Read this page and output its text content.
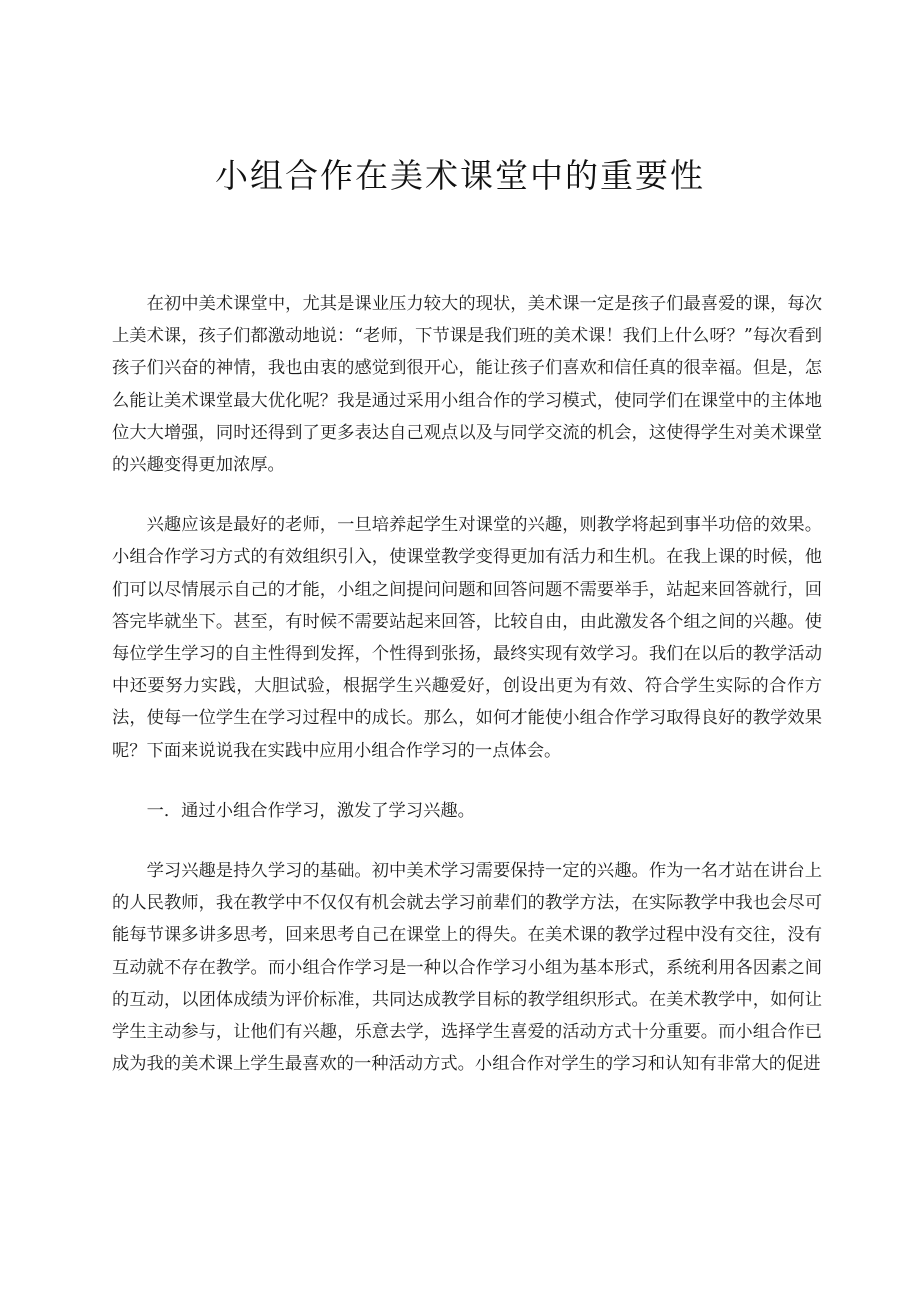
小组合作在美术课堂中的重要性

在初中美术课堂中，尤其是课业压力较大的现状，美术课一定是孩子们最喜爱的课，每次上美术课，孩子们都激动地说：“老师，下节课是我们班的美术课！我们上什么呀？”每次看到孩子们兴奋的神情，我也由衷的感觉到很开心，能让孩子们喜欢和信任真的很幸福。但是，怎么能让美术课堂最大优化呢？我是通过采用小组合作的学习模式，使同学们在课堂中的主体地位大大增强，同时还得到了更多表达自己观点以及与同学交流的机会，这使得学生对美术课堂的兴趣变得更加浓厚。

兴趣应该是最好的老师，一旦培养起学生对课堂的兴趣，则教学将起到事半功倍的效果。小组合作学习方式的有效组织引入，使课堂教学变得更加有活力和生机。在我上课的时候，他们可以尽情展示自己的才能，小组之间提问问题和回答问题不需要举手，站起来回答就行，回答完毕就坐下。甚至，有时候不需要站起来回答，比较自由，由此激发各个组之间的兴趣。使每位学生学习的自主性得到发挥，个性得到张扬，最终实现有效学习。我们在以后的教学活动中还要努力实践，大胆试验，根据学生兴趣爱好，创设出更为有效、符合学生实际的合作方法，使每一位学生在学习过程中的成长。那么，如何才能使小组合作学习取得良好的教学效果呢？下面来说说我在实践中应用小组合作学习的一点体会。

一．通过小组合作学习，激发了学习兴趣。

学习兴趣是持久学习的基础。初中美术学习需要保持一定的兴趣。作为一名才站在讲台上的人民教师，我在教学中不仅仅有机会就去学习前辈们的教学方法，在实际教学中我也会尽可能每节课多讲多思考，回来思考自己在课堂上的得失。在美术课的教学过程中没有交往，没有互动就不存在教学。而小组合作学习是一种以合作学习小组为基本形式，系统利用各因素之间的互动，以团体成绩为评价标准，共同达成教学目标的教学组织形式。在美术教学中，如何让学生主动参与，让他们有兴趣，乐意去学，选择学生喜爱的活动方式十分重要。而小组合作已成为我的美术课上学生最喜欢的一种活动方式。小组合作对学生的学习和认知有非常大的促进
